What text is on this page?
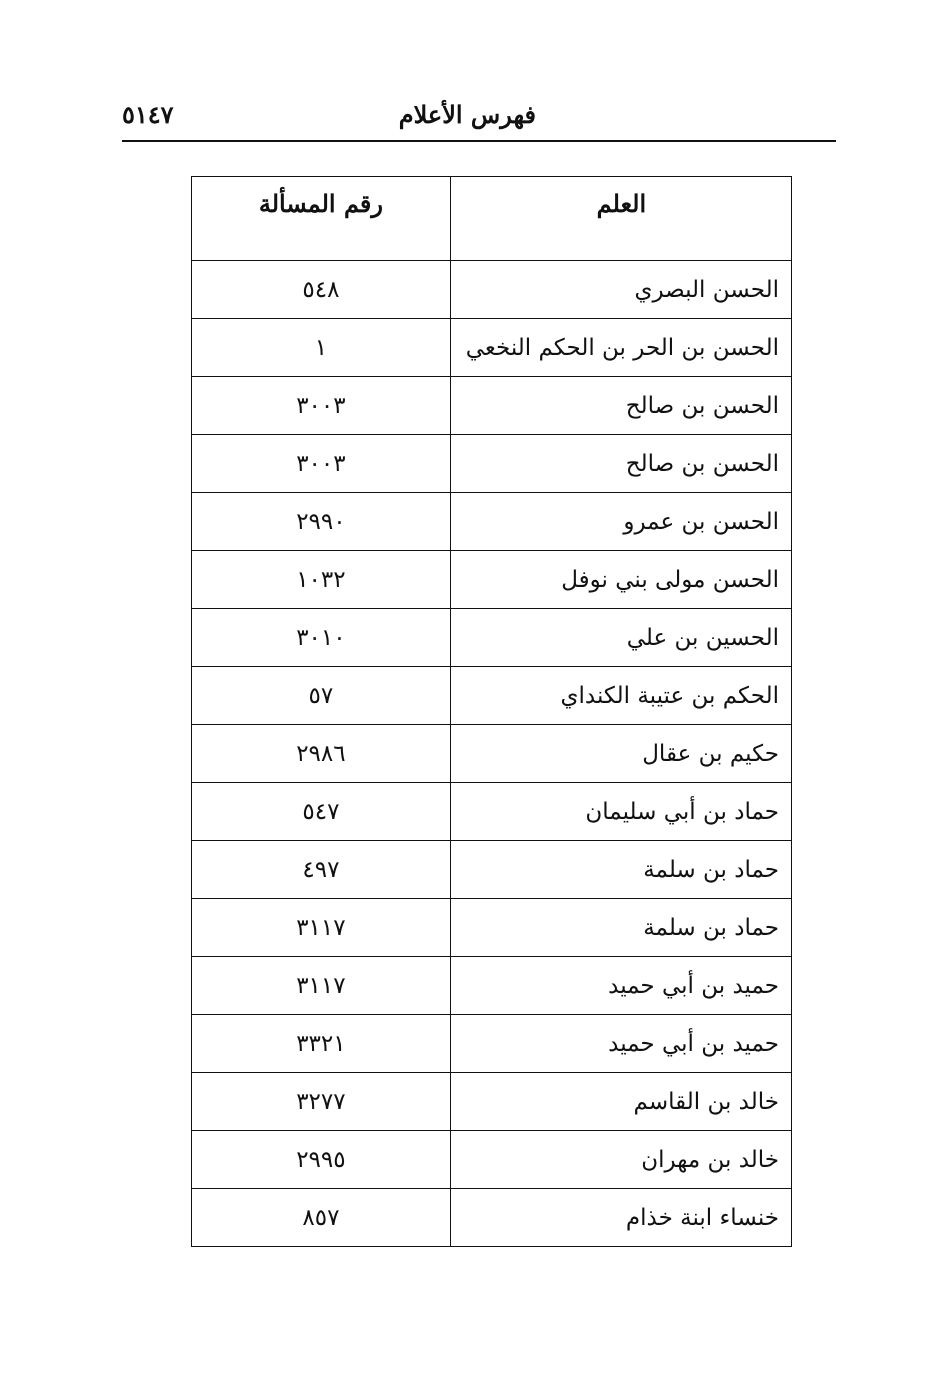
فهرس الأعلام
٥١٤٧
العلم	رقم المسألة
الحسن البصري	٥٤٨
الحسن بن الحر بن الحكم النخعي	١
الحسن بن صالح	٣٠٠٣
الحسن بن صالح	٣٠٠٣
الحسن بن عمرو	٢٩٩٠
الحسن مولى بني نوفل	١٠٣٢
الحسين بن علي	٣٠١٠
الحكم بن عتيبة الكنداي	٥٧
حكيم بن عقال	٢٩٨٦
حماد بن أبي سليمان	٥٤٧
حماد بن سلمة	٤٩٧
حماد بن سلمة	٣١١٧
حميد بن أبي حميد	٣١١٧
حميد بن أبي حميد	٣٣٢١
خالد بن القاسم	٣٢٧٧
خالد بن مهران	٢٩٩٥
خنساء ابنة خذام	٨٥٧
